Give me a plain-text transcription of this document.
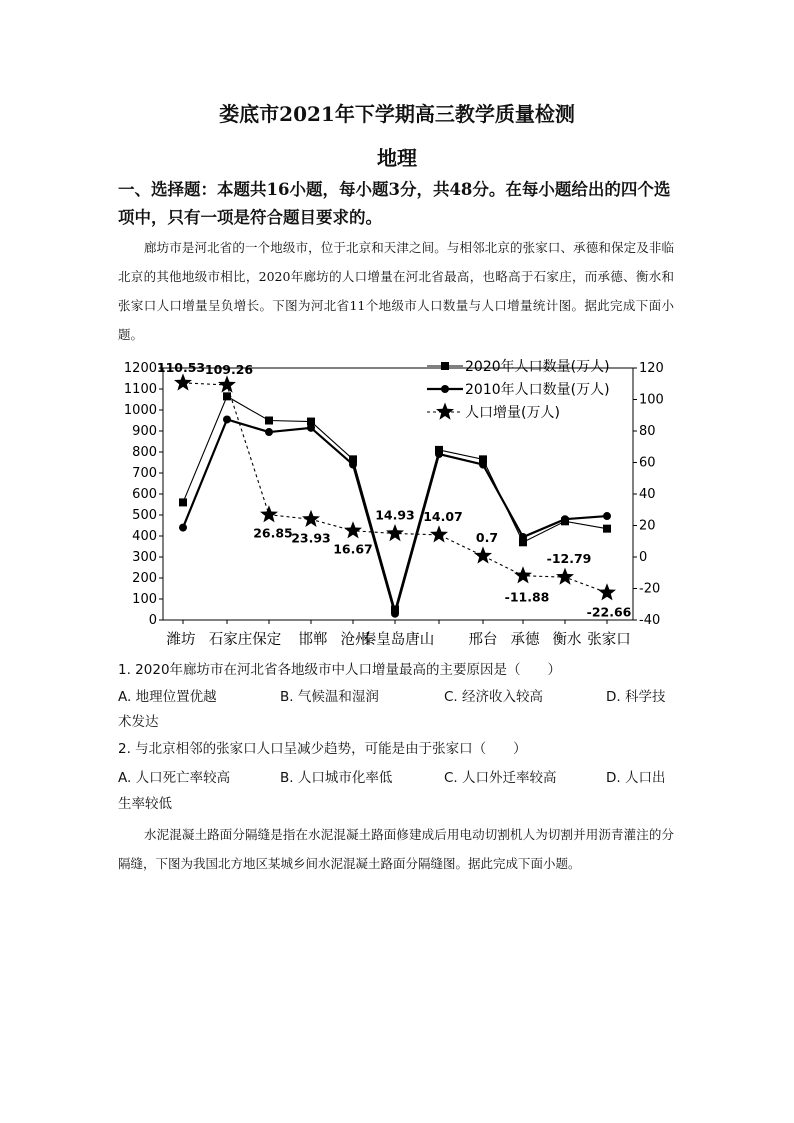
娄底市2021年下学期高三教学质量检测
地理
一、选择题：本题共16小题，每小题3分，共48分。在每小题给出的四个选
项中，只有一项是符合题目要求的。
廊坊市是河北省的一个地级市，位于北京和天津之间。与相邻北京的张家口、承德和保定及非临北京的其他地级市相比，2020年廊坊的人口增量在河北省最高，也略高于石家庄，而承德、衡水和张家口人口增量呈负增长。下图为河北省11个地级市人口数量与人口增量统计图。据此完成下面小题。
0
100
200
300
400
500
600
700
800
900
1000
1100
1200
-40
-20
0
20
40
60
80
100
120
潍坊 石家庄保定 邯郸 沧州
秦皇岛唐山 邢台 承德 衡水 张家口
110.53 109.26
26.85
23.93
16.67
14.93 14.07
0.7
-11.88
-12.79
-22.66
2020年人口数量(万人)
2010年人口数量(万人)
人口增量(万人)
1. 2020年廊坊市在河北省各地级市中人口增量最高的主要原因是（　　）
A. 地理位置优越	B. 气候温和湿润	C. 经济收入较高	D. 科学技
术发达
2. 与北京相邻的张家口人口呈减少趋势，可能是由于张家口（　　）
A. 人口死亡率较高	B. 人口城市化率低	C. 人口外迁率较高	D. 人口出
生率较低
水泥混凝土路面分隔缝是指在水泥混凝土路面修建成后用电动切割机人为切割并用沥青灌注的分隔缝，下图为我国北方地区某城乡间水泥混凝土路面分隔缝图。据此完成下面小题。
